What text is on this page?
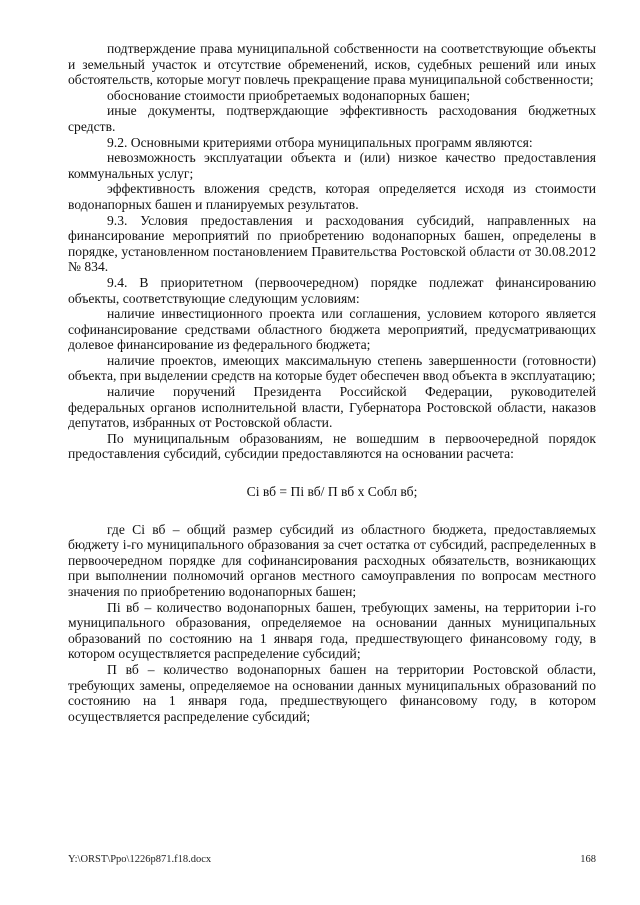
подтверждение права муниципальной собственности на соответствующие объекты и земельный участок и отсутствие обременений, исков, судебных решений или иных обстоятельств, которые могут повлечь прекращение права муниципальной собственности;

обоснование стоимости приобретаемых водонапорных башен;

иные документы, подтверждающие эффективность расходования бюджетных средств.

9.2. Основными критериями отбора муниципальных программ являются:

невозможность эксплуатации объекта и (или) низкое качество предоставления коммунальных услуг;

эффективность вложения средств, которая определяется исходя из стоимости водонапорных башен и планируемых результатов.

9.3. Условия предоставления и расходования субсидий, направленных на финансирование мероприятий по приобретению водонапорных башен, определены в порядке, установленном постановлением Правительства Ростовской области от 30.08.2012 № 834.

9.4. В приоритетном (первоочередном) порядке подлежат финансированию объекты, соответствующие следующим условиям:

наличие инвестиционного проекта или соглашения, условием которого является софинансирование средствами областного бюджета мероприятий, предусматривающих долевое финансирование из федерального бюджета;

наличие проектов, имеющих максимальную степень завершенности (готовности) объекта, при выделении средств на которые будет обеспечен ввод объекта в эксплуатацию;

наличие поручений Президента Российской Федерации, руководителей федеральных органов исполнительной власти, Губернатора Ростовской области, наказов депутатов, избранных от Ростовской области.

По муниципальным образованиям, не вошедшим в первоочередной порядок предоставления субсидий, субсидии предоставляются на основании расчета:

Сi вб = Пi вб/ П вб х Собл вб;

где Сi вб – общий размер субсидий из областного бюджета, предоставляемых бюджету i-го муниципального образования за счет остатка от субсидий, распределенных в первоочередном порядке для софинансирования расходных обязательств, возникающих при выполнении полномочий органов местного самоуправления по вопросам местного значения по приобретению водонапорных башен;

Пi вб – количество водонапорных башен, требующих замены, на территории i-го муниципального образования, определяемое на основании данных муниципальных образований по состоянию на 1 января года, предшествующего финансовому году, в котором осуществляется распределение субсидий;

П вб – количество водонапорных башен на территории Ростовской области, требующих замены, определяемое на основании данных муниципальных образований по состоянию на 1 января года, предшествующего финансовому году, в котором осуществляется распределение субсидий;

Y:\ORST\Ppo\1226p871.f18.docx	168
